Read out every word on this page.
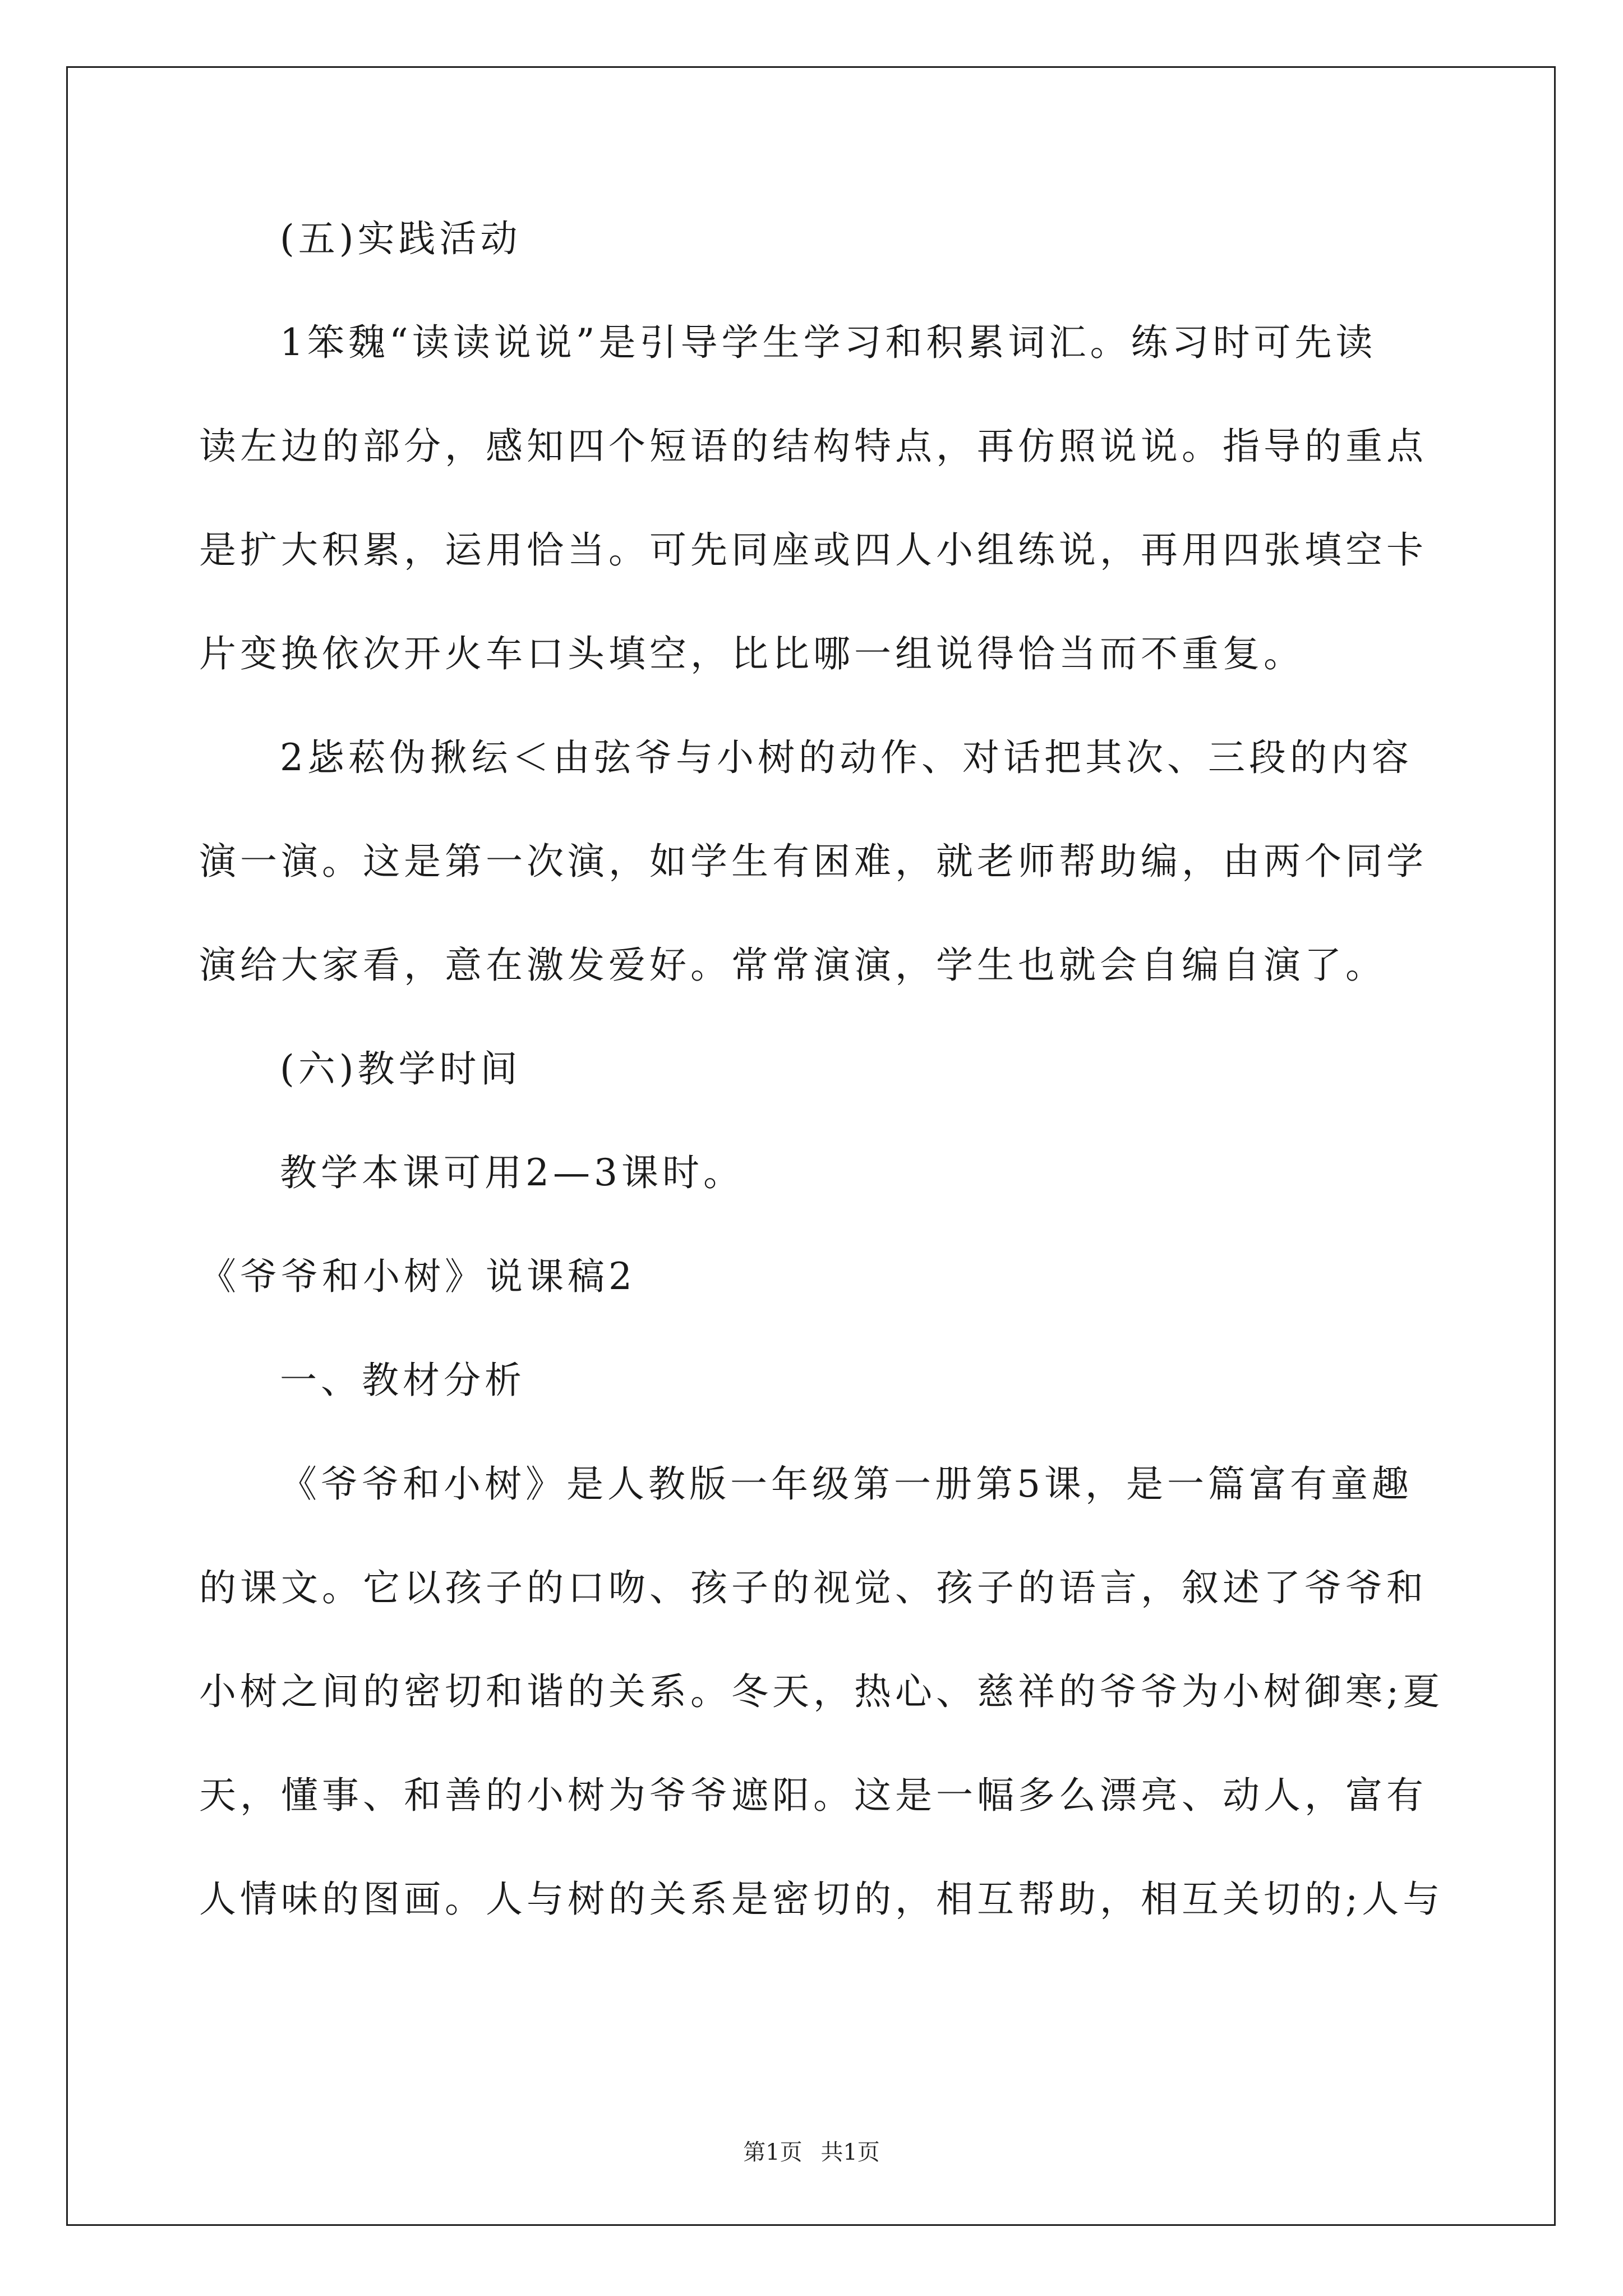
(五)实践活动
1笨魏“读读说说”是引导学生学习和积累词汇。练习时可先读
读左边的部分，感知四个短语的结构特点，再仿照说说。指导的重点
是扩大积累，运用恰当。可先同座或四人小组练说，再用四张填空卡
片变换依次开火车口头填空，比比哪一组说得恰当而不重复。
2毖菘伪揪纭＜由弦爷与小树的动作、对话把其次、三段的内容
演一演。这是第一次演，如学生有困难，就老师帮助编，由两个同学
演给大家看，意在激发爱好。常常演演，学生也就会自编自演了。
(六)教学时间
教学本课可用2—3课时。
《爷爷和小树》说课稿2
一、教材分析
《爷爷和小树》是人教版一年级第一册第5课，是一篇富有童趣
的课文。它以孩子的口吻、孩子的视觉、孩子的语言，叙述了爷爷和
小树之间的密切和谐的关系。冬天，热心、慈祥的爷爷为小树御寒;夏
天，懂事、和善的小树为爷爷遮阳。这是一幅多么漂亮、动人，富有
人情味的图画。人与树的关系是密切的，相互帮助，相互关切的;人与
第1页 共1页
